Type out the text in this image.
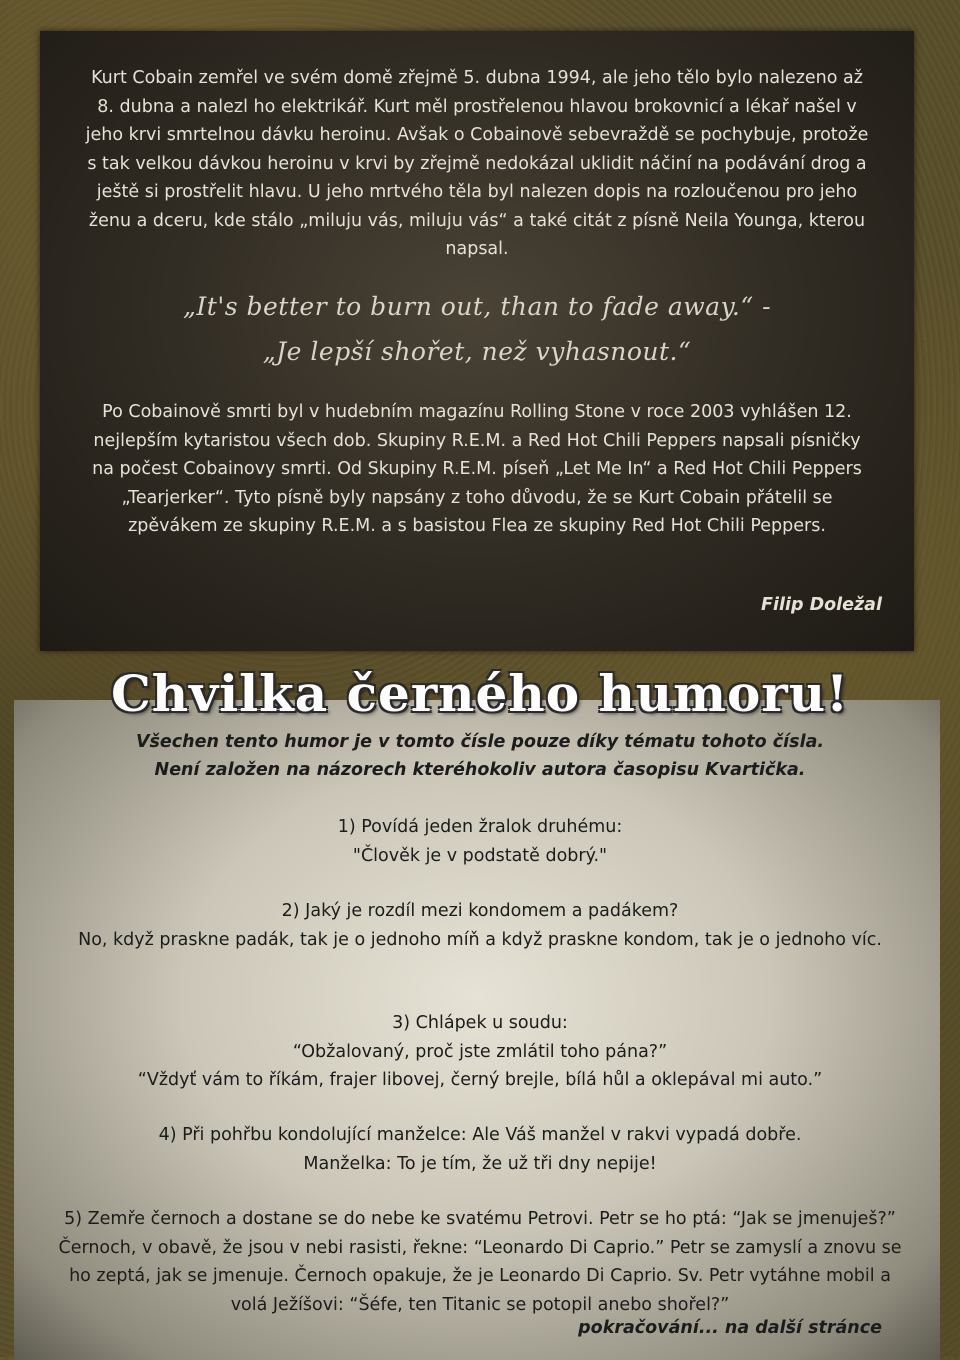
Kurt Cobain zemřel ve svém domě zřejmě 5. dubna 1994, ale jeho tělo bylo nalezeno až 8. dubna a nalezl ho elektrikář. Kurt měl prostřelenou hlavou brokovnicí a lékař našel v jeho krvi smrtelnou dávku heroinu. Avšak o Cobainově sebevraždě se pochybuje, protože s tak velkou dávkou heroinu v krvi by zřejmě nedokázal uklidit náčiní na podávání drog a ještě si prostřelit hlavu. U jeho mrtvého těla byl nalezen dopis na rozloučenou pro jeho ženu a dceru, kde stálo „miluju vás, miluju vás“ a také citát z písně Neila Younga, kterou napsal.

„It's better to burn out, than to fade away.“ -

„Je lepší shořet, než vyhasnout.“

Po Cobainově smrti byl v hudebním magazínu Rolling Stone v roce 2003 vyhlášen 12. nejlepším kytaristou všech dob. Skupiny R.E.M. a Red Hot Chili Peppers napsali písničky na počest Cobainovy smrti. Od Skupiny R.E.M. píseň „Let Me In“ a Red Hot Chili Peppers „Tearjerker“. Tyto písně byly napsány z toho důvodu, že se Kurt Cobain přátelil se zpěvákem ze skupiny R.E.M. a s basistou Flea ze skupiny Red Hot Chili Peppers.

Filip Doležal

Chvilka černého humoru!

Všechen tento humor je v tomto čísle pouze díky tématu tohoto čísla.

Není založen na názorech kteréhokoliv autora časopisu Kvartička.

1) Povídá jeden žralok druhému:
"Člověk je v podstatě dobrý."
2) Jaký je rozdíl mezi kondomem a padákem?
No, když praskne padák, tak je o jednoho míň a když praskne kondom, tak je o jednoho víc.
3) Chlápek u soudu:
“Obžalovaný, proč jste zmlátil toho pána?”
“Vždyť vám to říkám, frajer libovej, černý brejle, bílá hůl a oklepával mi auto.”
4) Při pohřbu kondolující manželce: Ale Váš manžel v rakvi vypadá dobře.
Manželka: To je tím, že už tři dny nepije!
5) Zemře černoch a dostane se do nebe ke svatému Petrovi. Petr se ho ptá: “Jak se jmenuješ?” Černoch, v obavě, že jsou v nebi rasisti, řekne: “Leonardo Di Caprio.” Petr se zamyslí a znovu se ho zeptá, jak se jmenuje. Černoch opakuje, že je Leonardo Di Caprio. Sv. Petr vytáhne mobil a volá Ježíšovi: “Šéfe, ten Titanic se potopil anebo shořel?”

pokračování... na další stránce
